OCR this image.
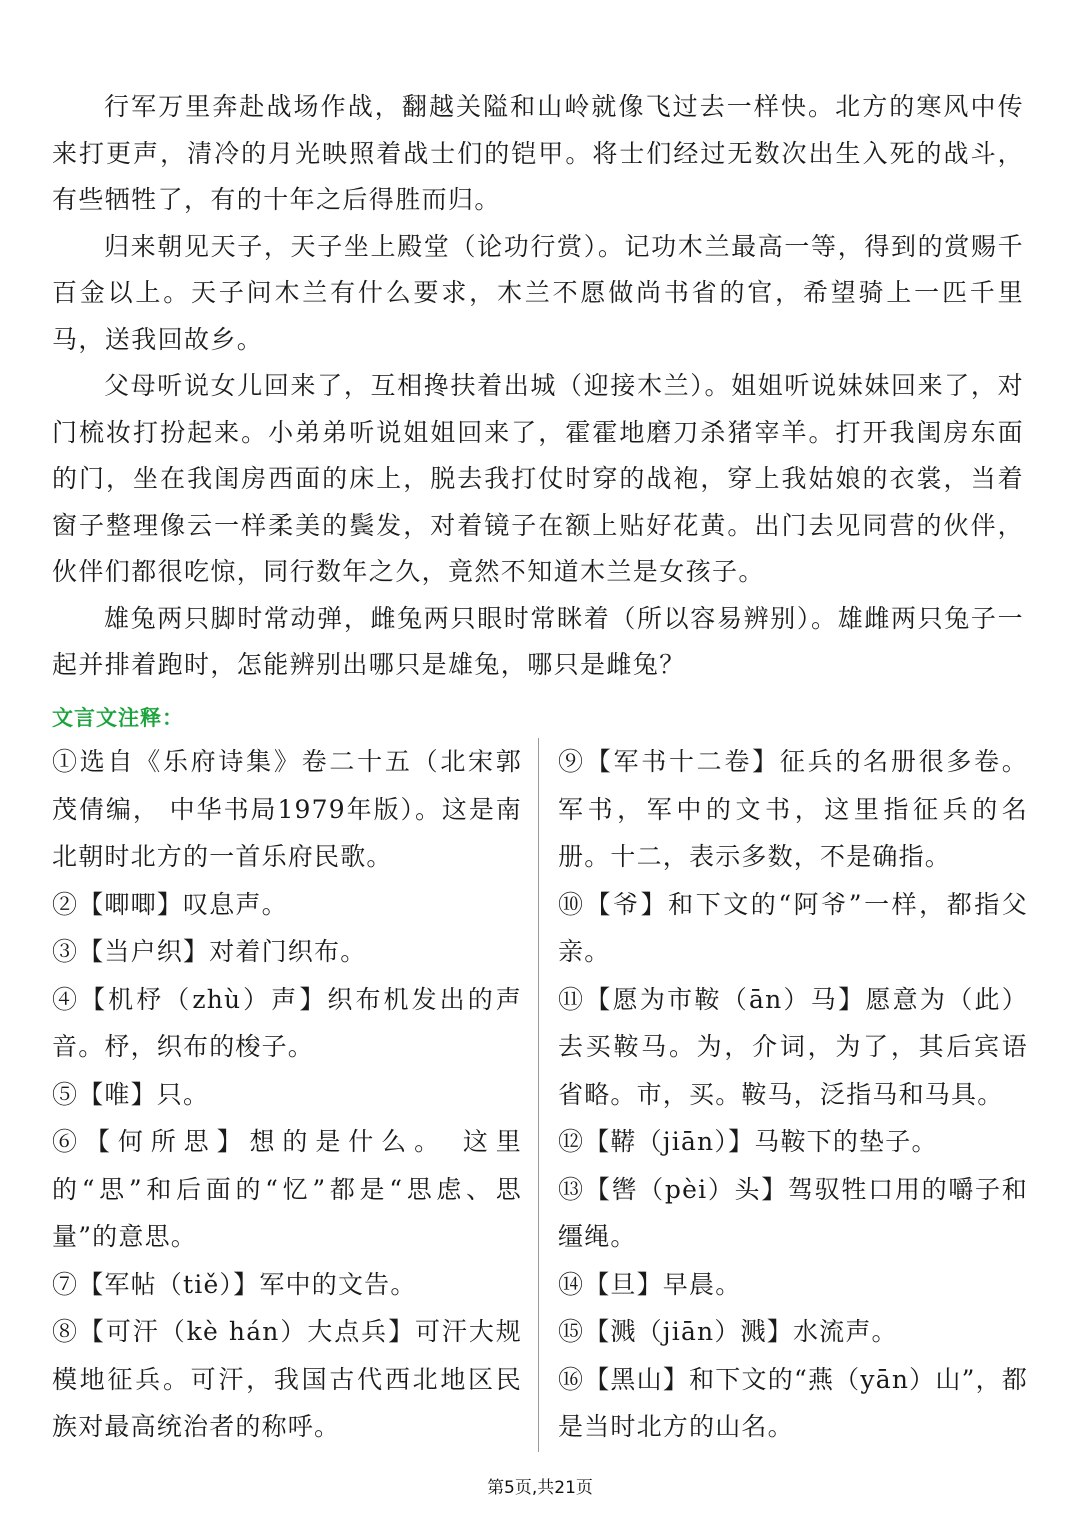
行军万里奔赴战场作战，翻越关隘和山岭就像飞过去一样快。北方的寒风中传来打更声，清冷的月光映照着战士们的铠甲。将士们经过无数次出生入死的战斗，有些牺牲了，有的十年之后得胜而归。

归来朝见天子，天子坐上殿堂（论功行赏）。记功木兰最高一等，得到的赏赐千百金以上。天子问木兰有什么要求，木兰不愿做尚书省的官，希望骑上一匹千里马，送我回故乡。

父母听说女儿回来了，互相搀扶着出城（迎接木兰）。姐姐听说妹妹回来了，对门梳妆打扮起来。小弟弟听说姐姐回来了，霍霍地磨刀杀猪宰羊。打开我闺房东面的门，坐在我闺房西面的床上，脱去我打仗时穿的战袍，穿上我姑娘的衣裳，当着窗子整理像云一样柔美的鬓发，对着镜子在额上贴好花黄。出门去见同营的伙伴，伙伴们都很吃惊，同行数年之久，竟然不知道木兰是女孩子。

雄兔两只脚时常动弹，雌兔两只眼时常眯着（所以容易辨别）。雄雌两只兔子一起并排着跑时，怎能辨别出哪只是雄兔，哪只是雌兔？

文言文注释：

①选自《乐府诗集》卷二十五（北宋郭茂倩编， 中华书局1979年版）。这是南北朝时北方的一首乐府民歌。

②【唧唧】叹息声。

③【当户织】对着门织布。

④【机杼（zhù）声】织布机发出的声音。杼，织布的梭子。

⑤【唯】只。

⑥【何所思】想的是什么。 这里的“思”和后面的“忆”都是“思虑、思量”的意思。

⑦【军帖（tiě）】军中的文告。

⑧【可汗（kè hán）大点兵】可汗大规模地征兵。可汗，我国古代西北地区民族对最高统治者的称呼。

⑨【军书十二卷】征兵的名册很多卷。军书，军中的文书，这里指征兵的名册。十二，表示多数，不是确指。

⑩【爷】和下文的“阿爷”一样，都指父亲。

⑪【愿为市鞍（ān）马】愿意为（此）去买鞍马。为，介词，为了，其后宾语省略。市，买。鞍马，泛指马和马具。

⑫【鞯（jiān）】马鞍下的垫子。

⑬【辔（pèi）头】驾驭牲口用的嚼子和缰绳。

⑭【旦】早晨。

⑮【溅（jiān）溅】水流声。

⑯【黑山】和下文的“燕（yān）山”，都是当时北方的山名。

第5页,共21页
